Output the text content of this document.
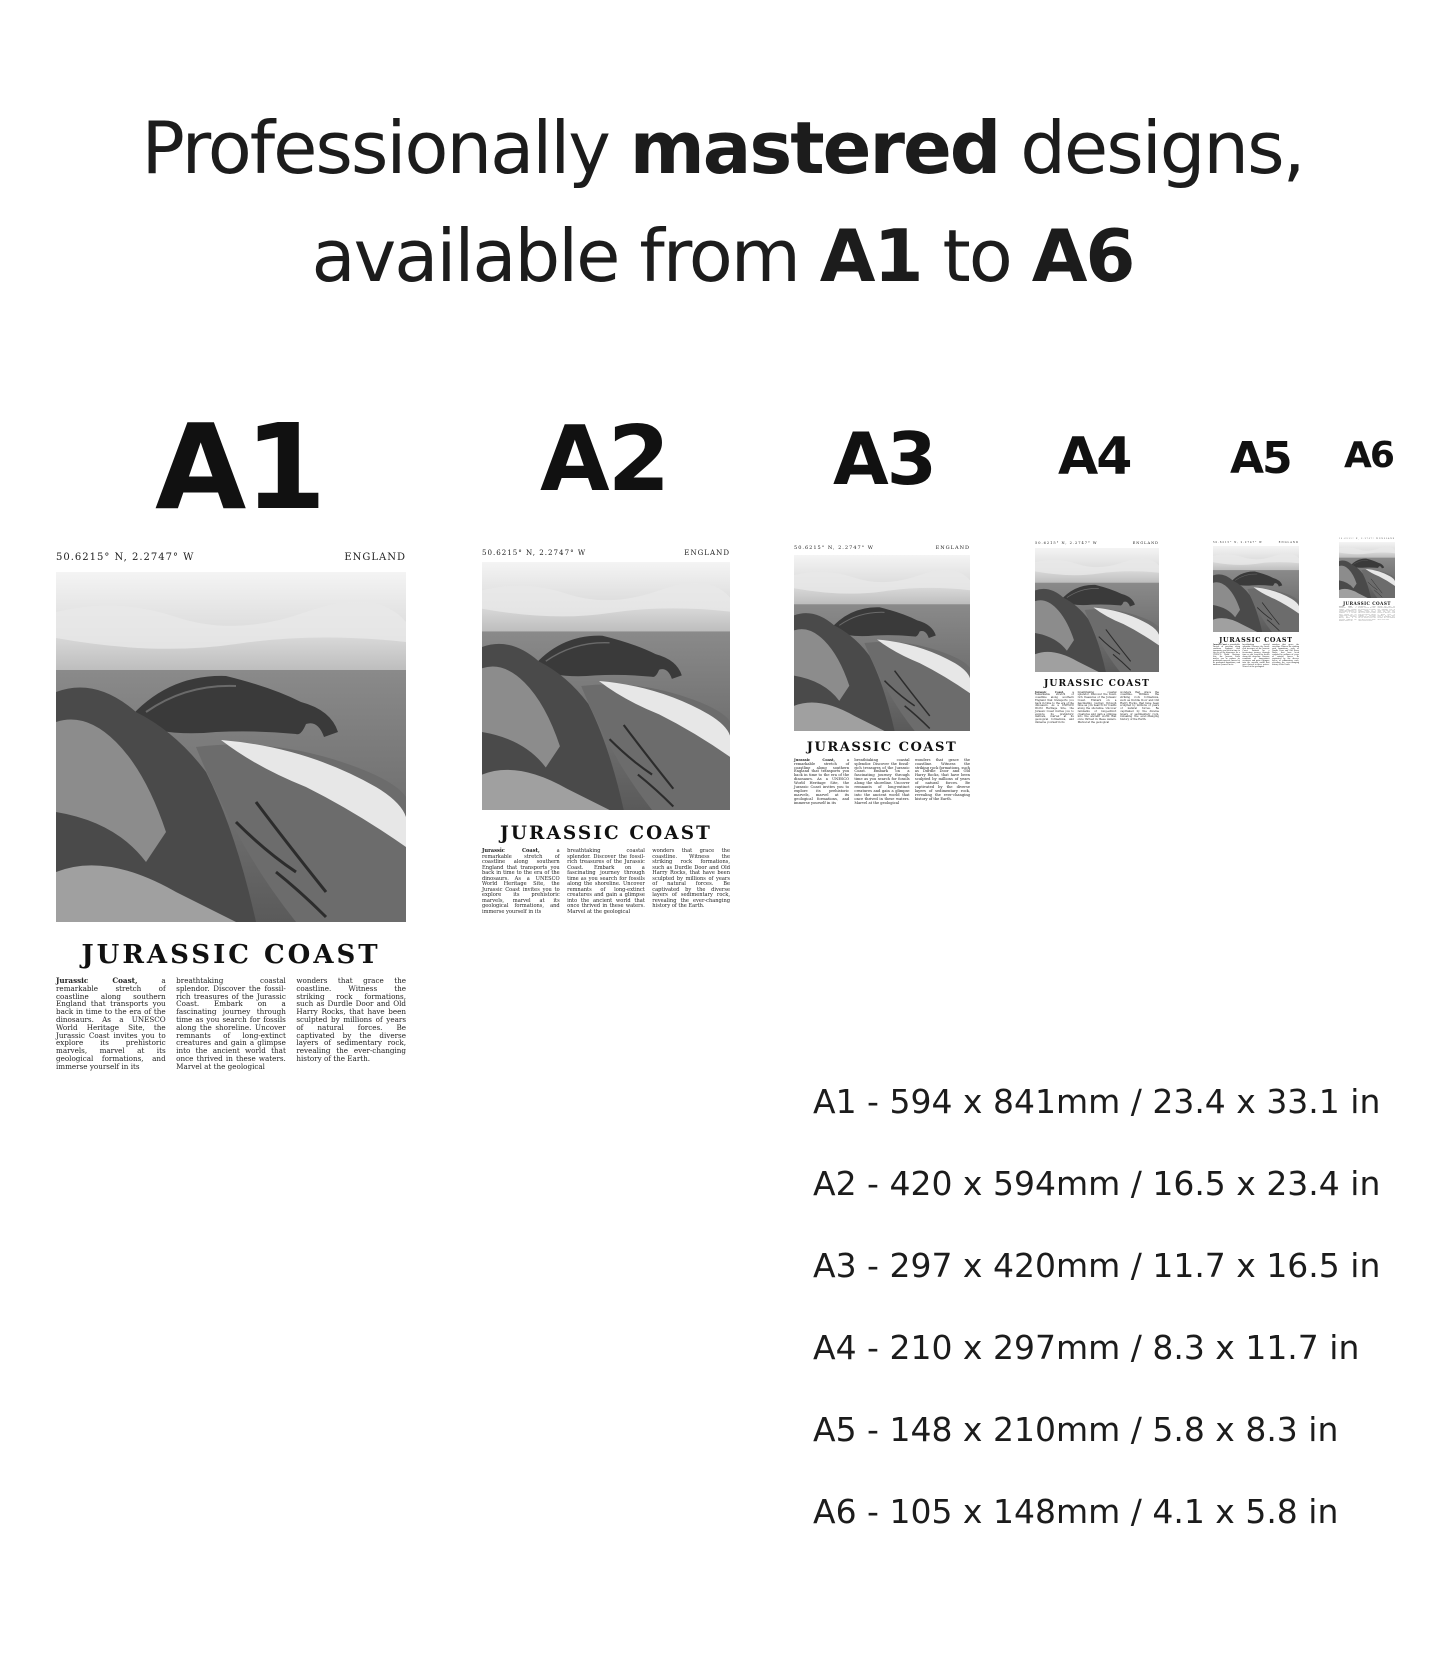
Professionally mastered designs,
available from A1 to A6
A1 A2 A3 A4 A5 A6
50.6215° N, 2.2747° W	ENGLAND
JURASSIC COAST
Jurassic Coast, a remarkable stretch of coastline along southern England that transports you back in time to the era of the dinosaurs. As a UNESCO World Heritage Site, the Jurassic Coast invites you to explore its prehistoric marvels, marvel at its geological formations, and immerse yourself in its
breathtaking coastal splendor. Discover the fossil-rich treasures of the Jurassic Coast. Embark on a fascinating journey through time as you search for fossils along the shoreline. Uncover remnants of long-extinct creatures and gain a glimpse into the ancient world that once thrived in these waters. Marvel at the geological
wonders that grace the coastline. Witness the striking rock formations, such as Durdle Door and Old Harry Rocks, that have been sculpted by millions of years of natural forces. Be captivated by the diverse layers of sedimentary rock, revealing the ever-changing history of the Earth.
50.6215° N, 2.2747° W	ENGLAND
JURASSIC COAST
Jurassic Coast, a remarkable stretch of coastline along southern England that transports you back in time to the era of the dinosaurs. As a UNESCO World Heritage Site, the Jurassic Coast invites you to explore its prehistoric marvels, marvel at its geological formations, and immerse yourself in its
breathtaking coastal splendor. Discover the fossil-rich treasures of the Jurassic Coast. Embark on a fascinating journey through time as you search for fossils along the shoreline. Uncover remnants of long-extinct creatures and gain a glimpse into the ancient world that once thrived in these waters. Marvel at the geological
wonders that grace the coastline. Witness the striking rock formations, such as Durdle Door and Old Harry Rocks, that have been sculpted by millions of years of natural forces. Be captivated by the diverse layers of sedimentary rock, revealing the ever-changing history of the Earth.
50.6215° N, 2.2747° W	ENGLAND
JURASSIC COAST
Jurassic Coast, a remarkable stretch of coastline along southern England that transports you back in time to the era of the dinosaurs. As a UNESCO World Heritage Site, the Jurassic Coast invites you to explore its prehistoric marvels, marvel at its geological formations, and immerse yourself in its
breathtaking coastal splendor. Discover the fossil-rich treasures of the Jurassic Coast. Embark on a fascinating journey through time as you search for fossils along the shoreline. Uncover remnants of long-extinct creatures and gain a glimpse into the ancient world that once thrived in these waters. Marvel at the geological
wonders that grace the coastline. Witness the striking rock formations, such as Durdle Door and Old Harry Rocks, that have been sculpted by millions of years of natural forces. Be captivated by the diverse layers of sedimentary rock, revealing the ever-changing history of the Earth.
50.6215° N, 2.2747° W	ENGLAND
JURASSIC COAST
Jurassic Coast, a remarkable stretch of coastline along southern England that transports you back in time to the era of the dinosaurs. As a UNESCO World Heritage Site, the Jurassic Coast invites you to explore its prehistoric marvels, marvel at its geological formations, and immerse yourself in its
breathtaking coastal splendor. Discover the fossil-rich treasures of the Jurassic Coast. Embark on a fascinating journey through time as you search for fossils along the shoreline. Uncover remnants of long-extinct creatures and gain a glimpse into the ancient world that once thrived in these waters. Marvel at the geological
wonders that grace the coastline. Witness the striking rock formations, such as Durdle Door and Old Harry Rocks, that have been sculpted by millions of years of natural forces. Be captivated by the diverse layers of sedimentary rock, revealing the ever-changing history of the Earth.
50.6215° N, 2.2747° W	ENGLAND
JURASSIC COAST
Jurassic Coast, a remarkable stretch of coastline along southern England that transports you back in time to the era of the dinosaurs. As a UNESCO World Heritage Site, the Jurassic Coast invites you to explore its prehistoric marvels, marvel at its geological formations, and immerse yourself in its
breathtaking coastal splendor. Discover the fossil-rich treasures of the Jurassic Coast. Embark on a fascinating journey through time as you search for fossils along the shoreline. Uncover remnants of long-extinct creatures and gain a glimpse into the ancient world that once thrived in these waters. Marvel at the geological
wonders that grace the coastline. Witness the striking rock formations, such as Durdle Door and Old Harry Rocks, that have been sculpted by millions of years of natural forces. Be captivated by the diverse layers of sedimentary rock, revealing the ever-changing history of the Earth.
50.6215° N, 2.2747° W ENGLAND
JURASSIC COAST
Jurassic Coast, a remarkable stretch of coastline along southern England that transports you back in time to the era of the dinosaurs. As a UNESCO World Heritage Site, the Jurassic Coast invites you to explore its prehistoric marvels, marvel at its geological formations, and immerse yourself in its
breathtaking coastal splendor. Discover the fossil-rich treasures of the Jurassic Coast. Embark on a fascinating journey through time as you search for fossils along the shoreline. Uncover remnants of long-extinct creatures and gain a glimpse into the ancient world that once thrived in these waters. Marvel at the geological
wonders that grace the coastline. Witness the striking rock formations, such as Durdle Door and Old Harry Rocks, that have been sculpted by millions of years of natural forces. Be captivated by the diverse layers of sedimentary rock, revealing the ever-changing history of the Earth.
A1 - 594 x 841mm / 23.4 x 33.1 in
A2 - 420 x 594mm / 16.5 x 23.4 in
A3 - 297 x 420mm / 11.7 x 16.5 in
A4 - 210 x 297mm / 8.3 x 11.7 in
A5 - 148 x 210mm / 5.8 x 8.3 in
A6 - 105 x 148mm / 4.1 x 5.8 in
